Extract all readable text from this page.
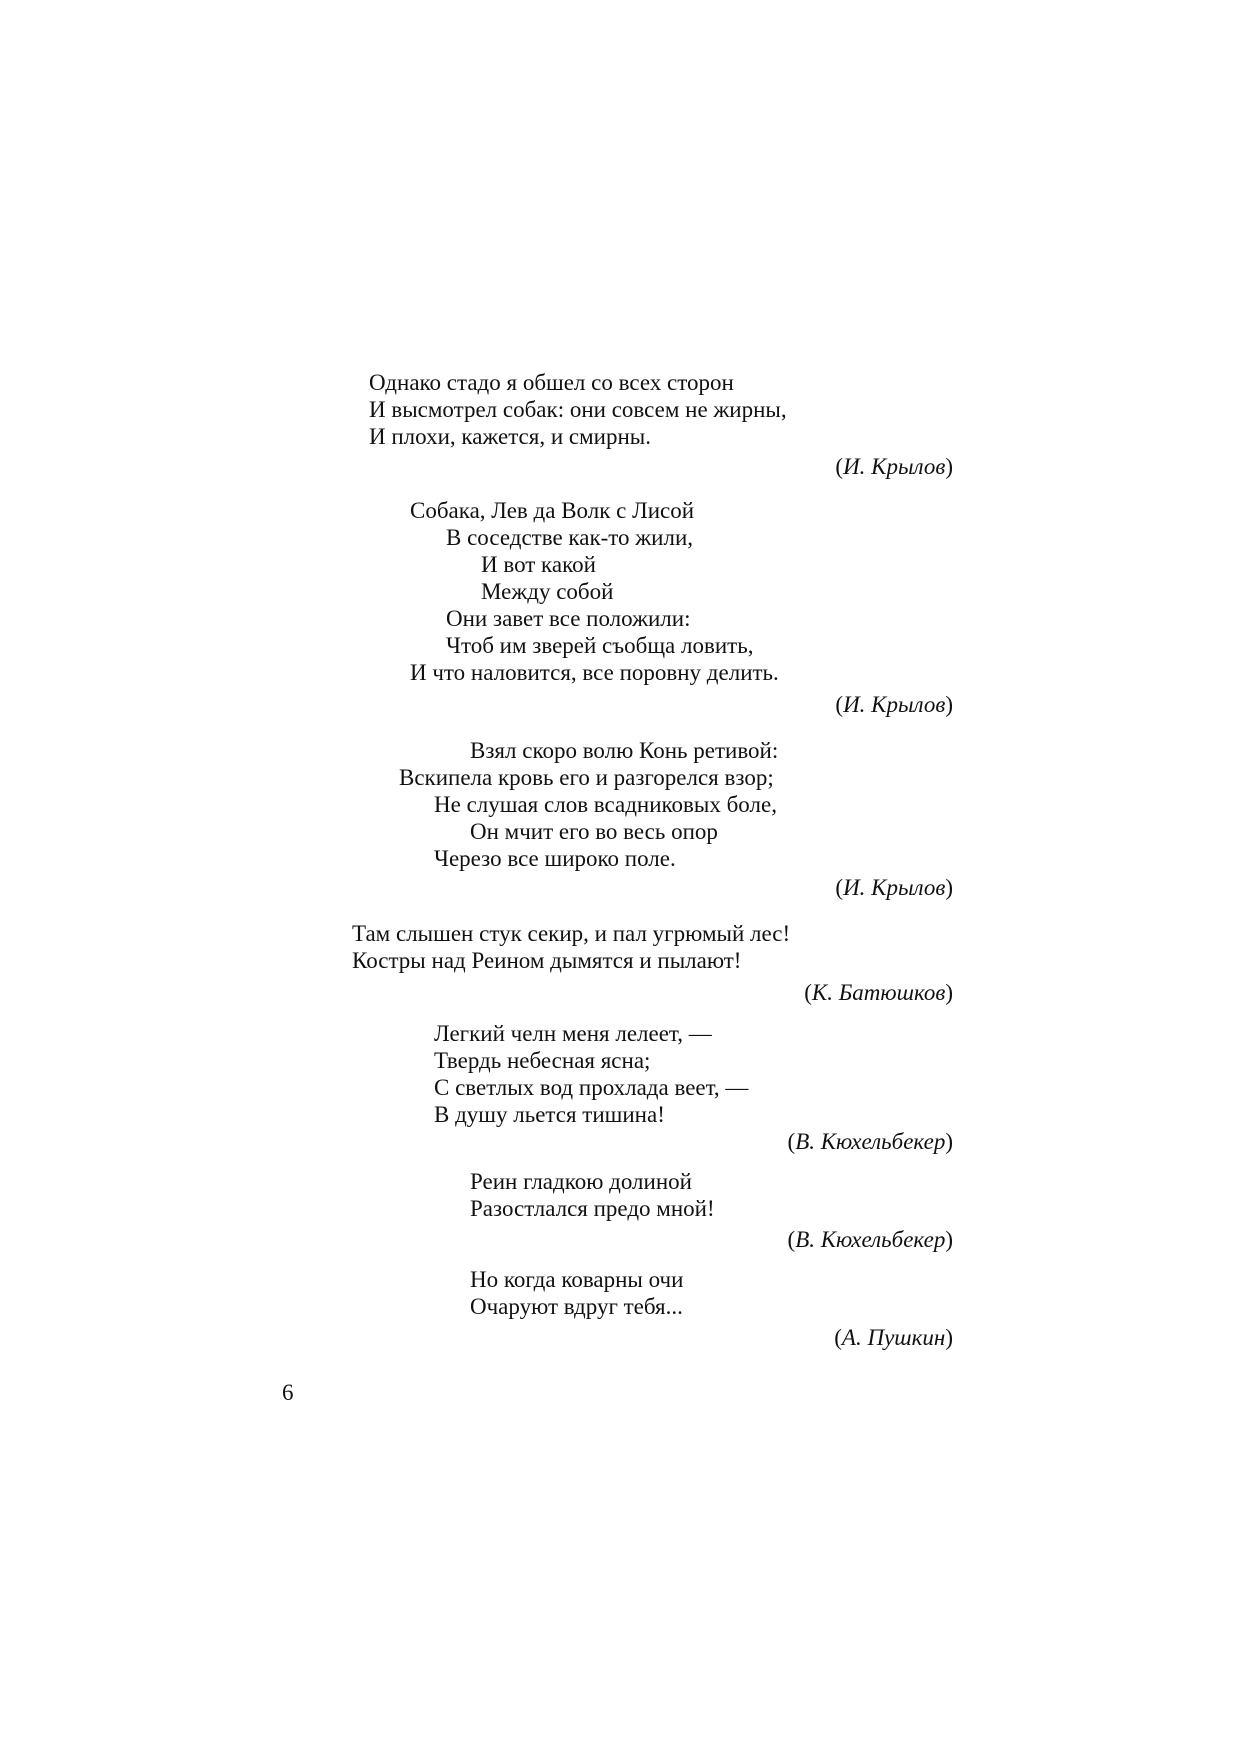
Однако стадо я обшел со всех сторон
И высмотрел собак: они совсем не жирны,
И плохи, кажется, и смирны.
(И. Крылов)
Собака, Лев да Волк с Лисой
В соседстве как-то жили,
И вот какой
Между собой
Они завет все положили:
Чтоб им зверей съобща ловить,
И что наловится, все поровну делить.
(И. Крылов)
Взял скоро волю Конь ретивой:
Вскипела кровь его и разгорелся взор;
Не слушая слов всадниковых боле,
Он мчит его во весь опор
Черезо все широко поле.
(И. Крылов)
Там слышен стук секир, и пал угрюмый лес!
Костры над Реином дымятся и пылают!
(К. Батюшков)
Легкий челн меня лелеет, —
Твердь небесная ясна;
С светлых вод прохлада веет, —
В душу льется тишина!
(В. Кюхельбекер)
Реин гладкою долиной
Разостлался предо мной!
(В. Кюхельбекер)
Но когда коварны очи
Очаруют вдруг тебя...
(А. Пушкин)
6
